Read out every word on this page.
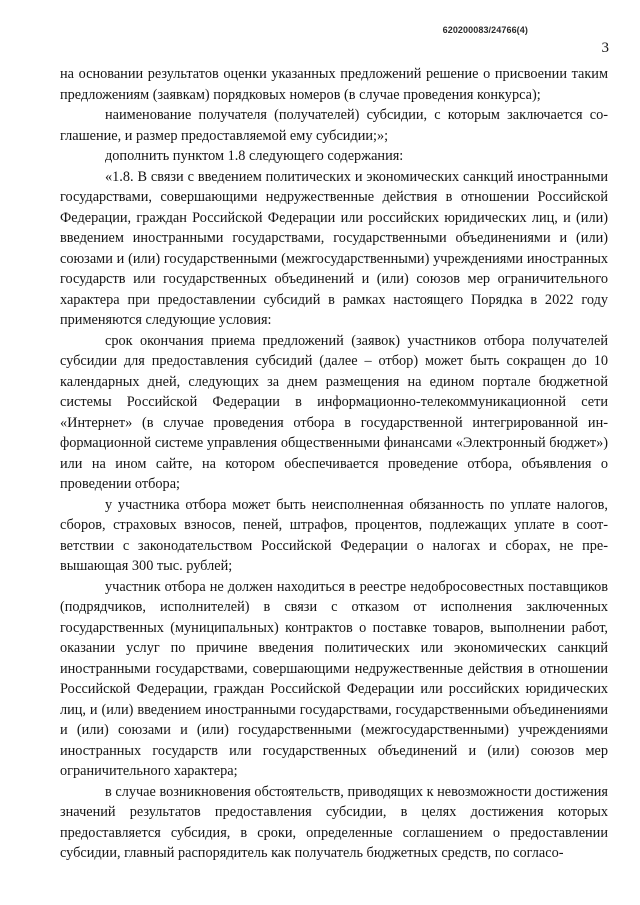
620200083/24766(4)
3

на основании результатов оценки указанных предложений решение о присвоении таким предложениям (заявкам) порядковых номеров (в случае проведения конкурса);

наименование получателя (получателей) субсидии, с которым заключается соглашение, и размер предоставляемой ему субсидии;»;

дополнить пунктом 1.8 следующего содержания:

«1.8. В связи с введением политических и экономических санкций иностранными государствами, совершающими недружественные действия в отношении Российской Федерации, граждан Российской Федерации или российских юридических лиц, и (или) введением иностранными государствами, государственными объединениями и (или) союзами и (или) государственными (межгосударственными) учреждениями иностранных государств или государственных объединений и (или) союзов мер ограничительного характера при предоставлении субсидий в рамках настоящего Порядка в 2022 году применяются следующие условия:

срок окончания приема предложений (заявок) участников отбора получателей субсидии для предоставления субсидий (далее – отбор) может быть сокращен до 10 календарных дней, следующих за днем размещения на едином портале бюджетной системы Российской Федерации в информационно-телекоммуникационной сети «Интернет» (в случае проведения отбора в государственной интегрированной информационной системе управления общественными финансами «Электронный бюджет») или на ином сайте, на котором обеспечивается проведение отбора, объявления о проведении отбора;

у участника отбора может быть неисполненная обязанность по уплате налогов, сборов, страховых взносов, пеней, штрафов, процентов, подлежащих уплате в соответствии с законодательством Российской Федерации о налогах и сборах, не превышающая 300 тыс. рублей;

участник отбора не должен находиться в реестре недобросовестных поставщиков (подрядчиков, исполнителей) в связи с отказом от исполнения заключенных государственных (муниципальных) контрактов о поставке товаров, выполнении работ, оказании услуг по причине введения политических или экономических санкций иностранными государствами, совершающими недружественные действия в отношении Российской Федерации, граждан Российской Федерации или российских юридических лиц, и (или) введением иностранными государствами, государственными объединениями и (или) союзами и (или) государственными (межгосударственными) учреждениями иностранных государств или государственных объединений и (или) союзов мер ограничительного характера;

в случае возникновения обстоятельств, приводящих к невозможности достижения значений результатов предоставления субсидии, в целях достижения которых предоставляется субсидия, в сроки, определенные соглашением о предоставлении субсидии, главный распорядитель как получатель бюджетных средств, по согласо-
